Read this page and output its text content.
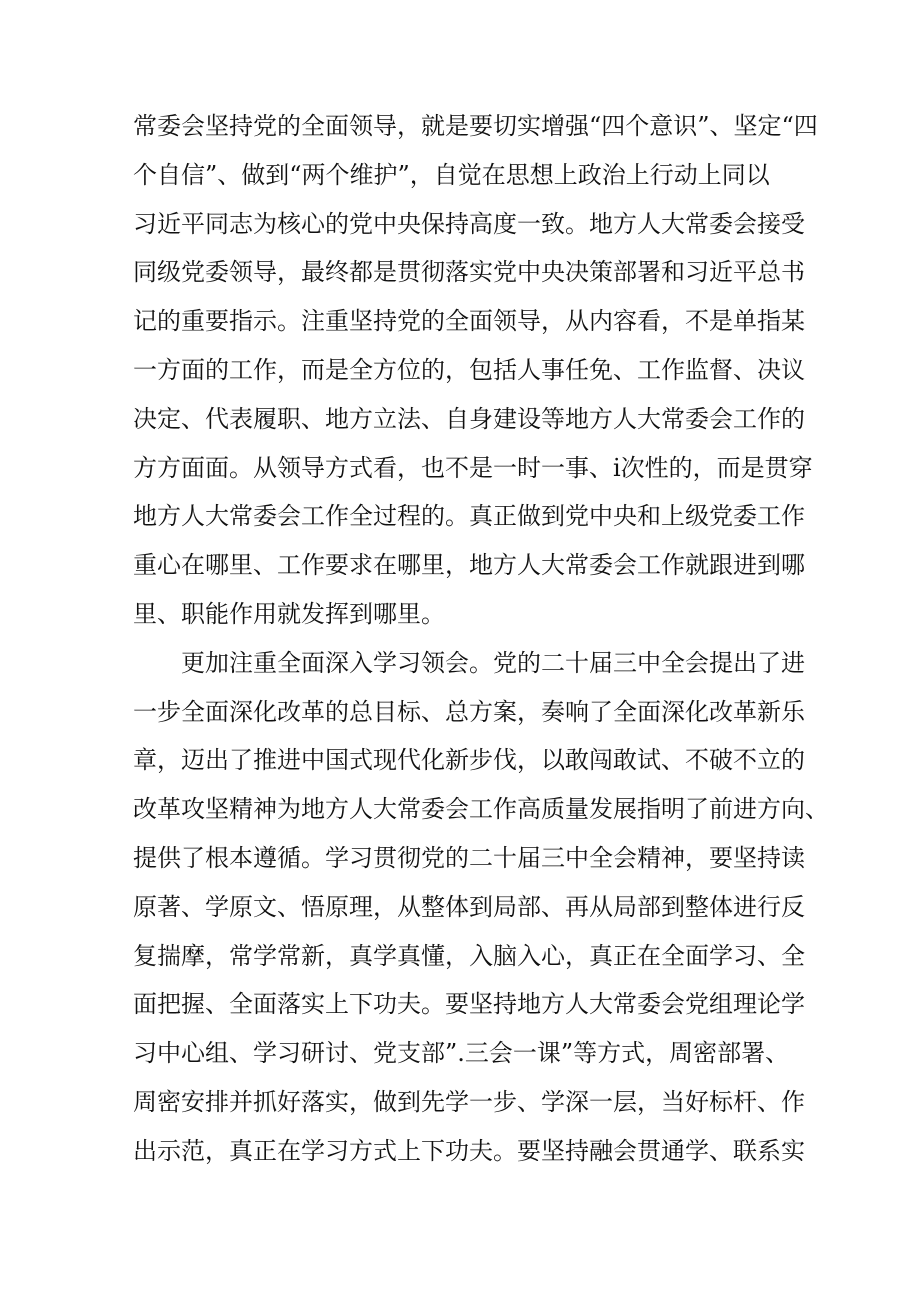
常委会坚持党的全面领导，就是要切实增强“四个意识”、坚定“四
个自信”、做到“两个维护”，自觉在思想上政治上行动上同以
习近平同志为核心的党中央保持高度一致。地方人大常委会接受
同级党委领导，最终都是贯彻落实党中央决策部署和习近平总书
记的重要指示。注重坚持党的全面领导，从内容看，不是单指某
一方面的工作，而是全方位的，包括人事任免、工作监督、决议
决定、代表履职、地方立法、自身建设等地方人大常委会工作的
方方面面。从领导方式看，也不是一时一事、i次性的，而是贯穿
地方人大常委会工作全过程的。真正做到党中央和上级党委工作
重心在哪里、工作要求在哪里，地方人大常委会工作就跟进到哪
里、职能作用就发挥到哪里。
更加注重全面深入学习领会。党的二十届三中全会提出了进
一步全面深化改革的总目标、总方案，奏响了全面深化改革新乐
章，迈出了推进中国式现代化新步伐，以敢闯敢试、不破不立的
改革攻坚精神为地方人大常委会工作高质量发展指明了前进方向、
提供了根本遵循。学习贯彻党的二十届三中全会精神，要坚持读
原著、学原文、悟原理，从整体到局部、再从局部到整体进行反
复揣摩，常学常新，真学真懂，入脑入心，真正在全面学习、全
面把握、全面落实上下功夫。要坚持地方人大常委会党组理论学
习中心组、学习研讨、党支部”.三会一课”等方式，周密部署、
周密安排并抓好落实，做到先学一步、学深一层，当好标杆、作
出示范，真正在学习方式上下功夫。要坚持融会贯通学、联系实
